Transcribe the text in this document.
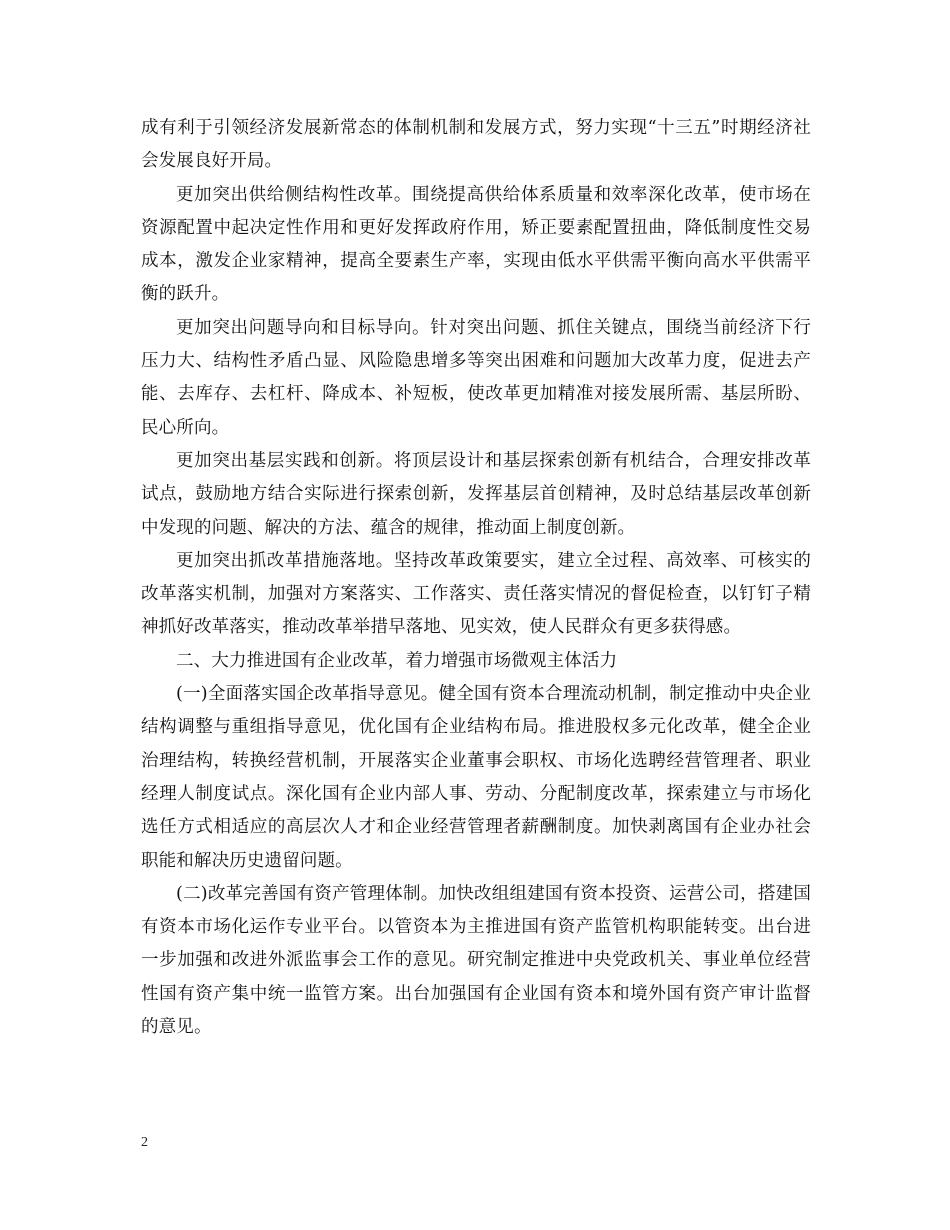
成有利于引领经济发展新常态的体制机制和发展方式，努力实现“十三五”时期经济社会发展良好开局。

更加突出供给侧结构性改革。围绕提高供给体系质量和效率深化改革，使市场在资源配置中起决定性作用和更好发挥政府作用，矫正要素配置扭曲，降低制度性交易成本，激发企业家精神，提高全要素生产率，实现由低水平供需平衡向高水平供需平衡的跃升。

更加突出问题导向和目标导向。针对突出问题、抓住关键点，围绕当前经济下行压力大、结构性矛盾凸显、风险隐患增多等突出困难和问题加大改革力度，促进去产能、去库存、去杠杆、降成本、补短板，使改革更加精准对接发展所需、基层所盼、民心所向。

更加突出基层实践和创新。将顶层设计和基层探索创新有机结合，合理安排改革试点，鼓励地方结合实际进行探索创新，发挥基层首创精神，及时总结基层改革创新中发现的问题、解决的方法、蕴含的规律，推动面上制度创新。

更加突出抓改革措施落地。坚持改革政策要实，建立全过程、高效率、可核实的改革落实机制，加强对方案落实、工作落实、责任落实情况的督促检查，以钉钉子精神抓好改革落实，推动改革举措早落地、见实效，使人民群众有更多获得感。

二、大力推进国有企业改革，着力增强市场微观主体活力

(一)全面落实国企改革指导意见。健全国有资本合理流动机制，制定推动中央企业结构调整与重组指导意见，优化国有企业结构布局。推进股权多元化改革，健全企业治理结构，转换经营机制，开展落实企业董事会职权、市场化选聘经营管理者、职业经理人制度试点。深化国有企业内部人事、劳动、分配制度改革，探索建立与市场化选任方式相适应的高层次人才和企业经营管理者薪酬制度。加快剥离国有企业办社会职能和解决历史遗留问题。

(二)改革完善国有资产管理体制。加快改组组建国有资本投资、运营公司，搭建国有资本市场化运作专业平台。以管资本为主推进国有资产监管机构职能转变。出台进一步加强和改进外派监事会工作的意见。研究制定推进中央党政机关、事业单位经营性国有资产集中统一监管方案。出台加强国有企业国有资本和境外国有资产审计监督的意见。

2
